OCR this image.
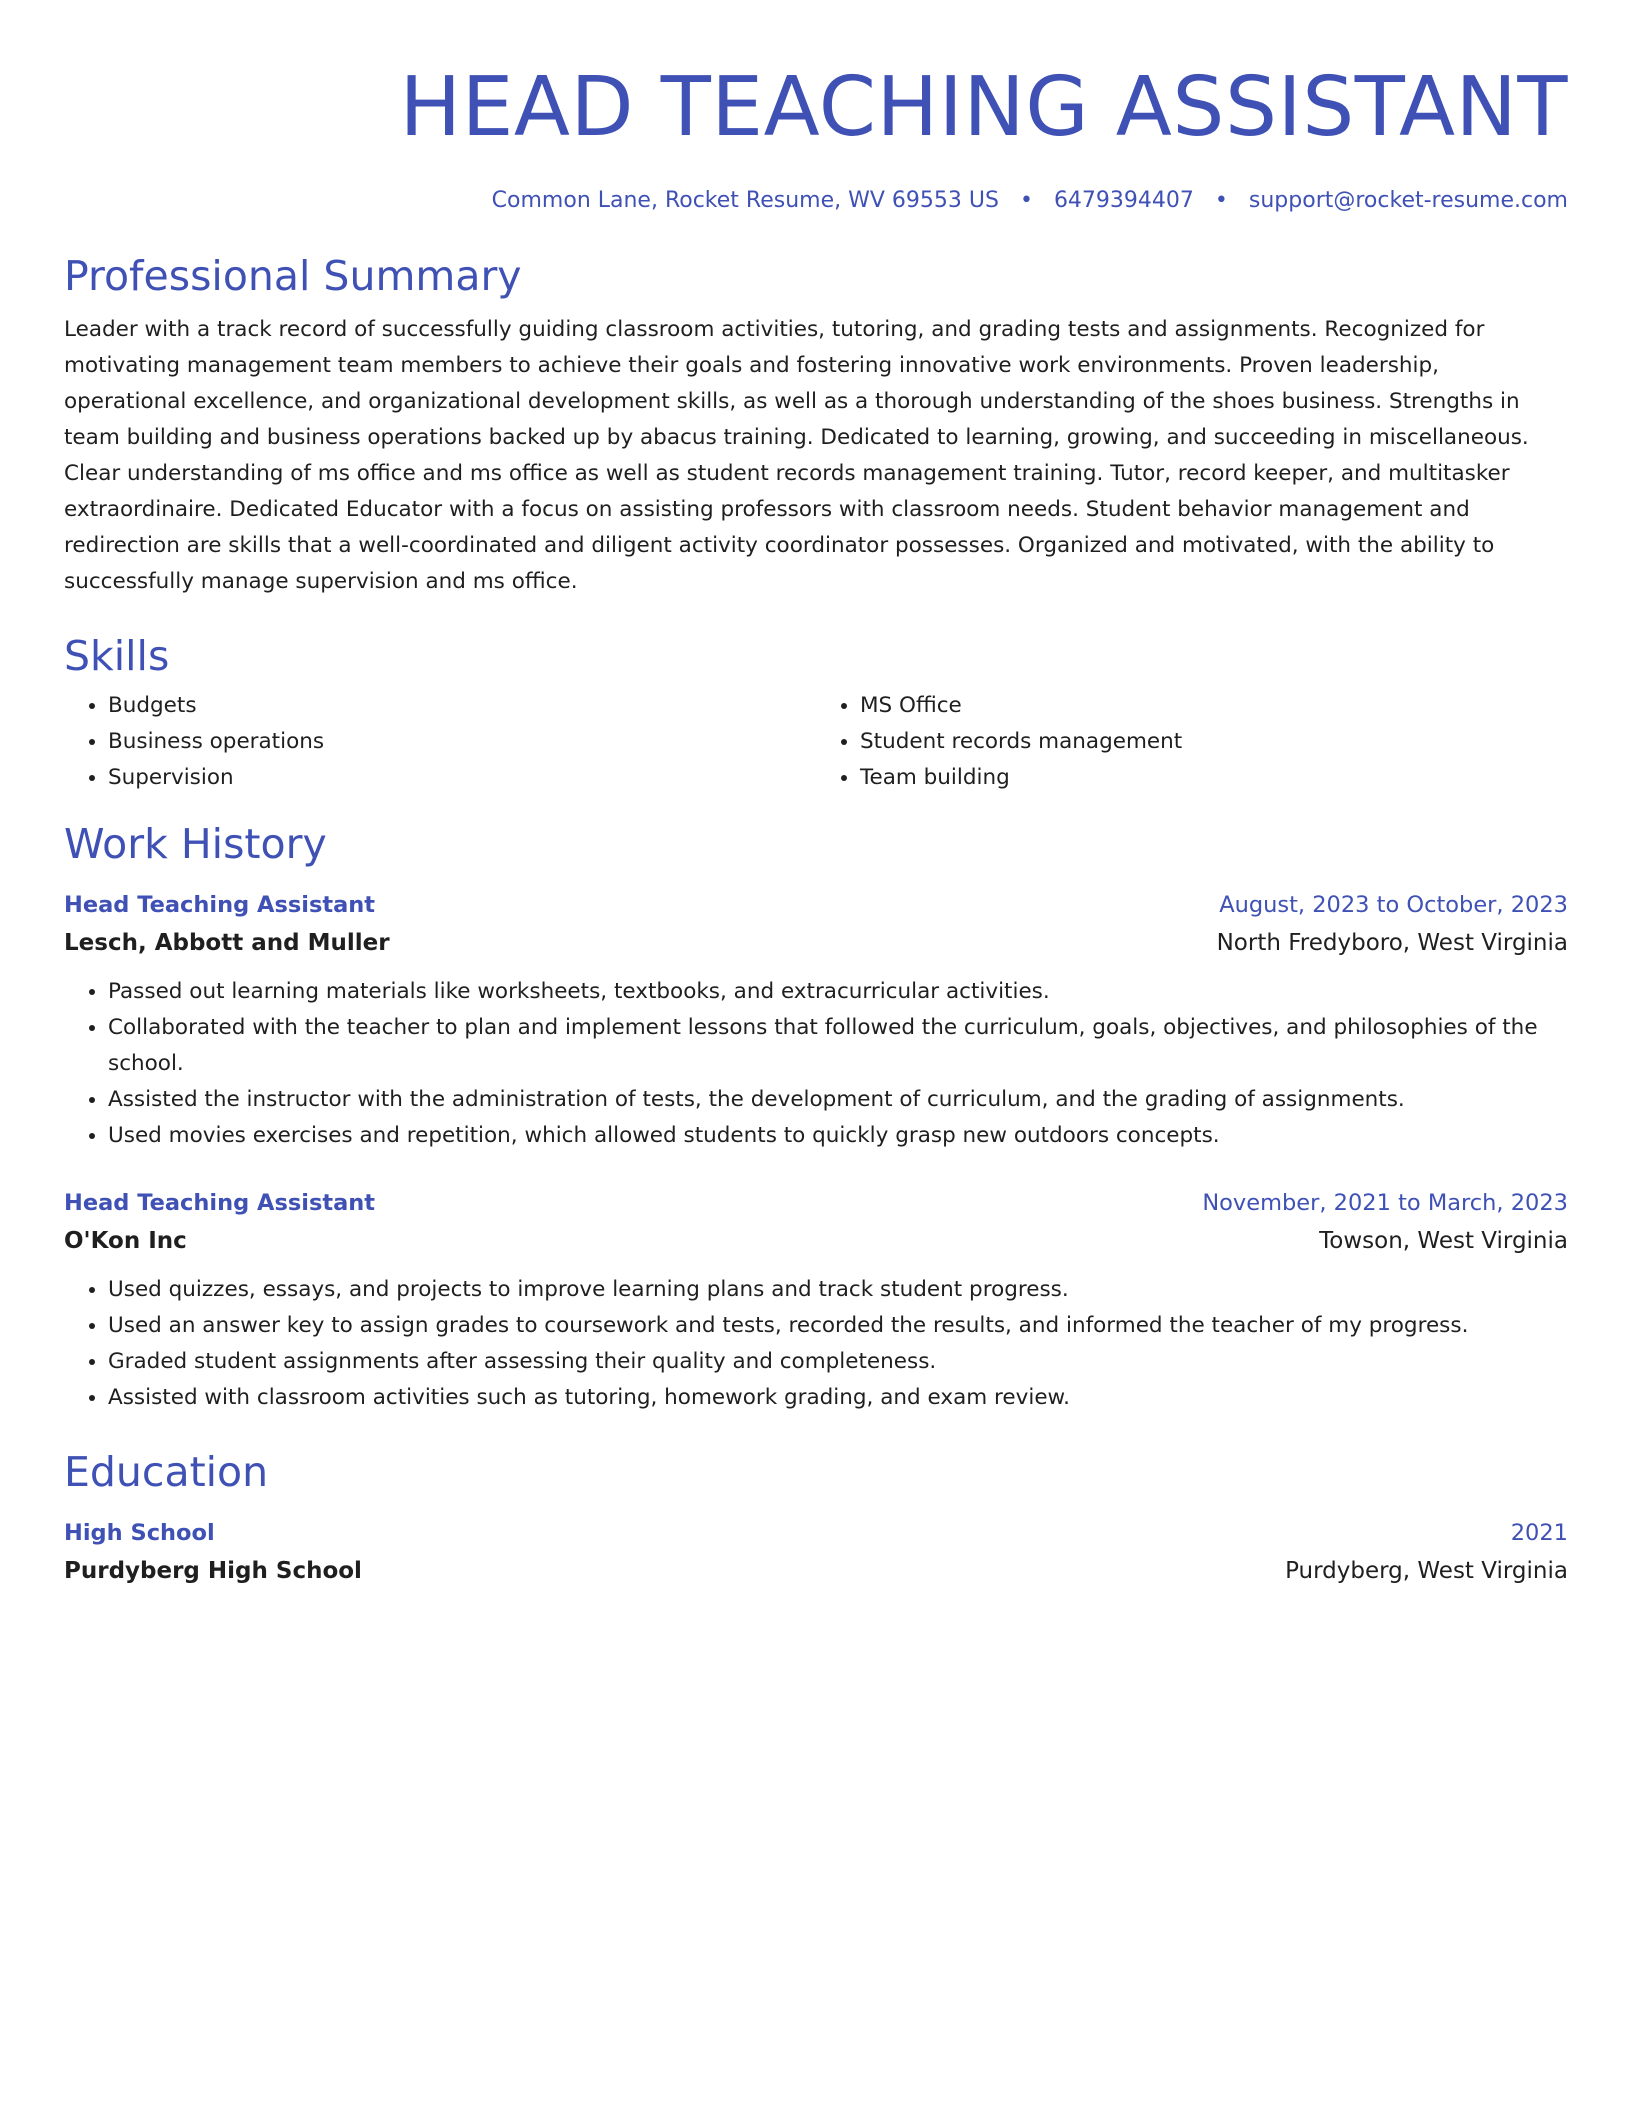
HEAD TEACHING ASSISTANT
Common Lane, Rocket Resume, WV 69553 US • 6479394407 • support@rocket-resume.com
Professional Summary

Leader with a track record of successfully guiding classroom activities, tutoring, and grading tests and assignments. Recognized for motivating management team members to achieve their goals and fostering innovative work environments. Proven leadership, operational excellence, and organizational development skills, as well as a thorough understanding of the shoes business. Strengths in team building and business operations backed up by abacus training. Dedicated to learning, growing, and succeeding in miscellaneous. Clear understanding of ms office and ms office as well as student records management training. Tutor, record keeper, and multitasker extraordinaire. Dedicated Educator with a focus on assisting professors with classroom needs. Student behavior management and redirection are skills that a well-coordinated and diligent activity coordinator possesses. Organized and motivated, with the ability to successfully manage supervision and ms office.

Skills
• Budgets
• Business operations
• Supervision
• MS Office
• Student records management
• Team building
Work History
Head Teaching Assistant	August, 2023 to October, 2023
Lesch, Abbott and Muller	North Fredyboro, West Virginia
• Passed out learning materials like worksheets, textbooks, and extracurricular activities.
• Collaborated with the teacher to plan and implement lessons that followed the curriculum, goals, objectives, and philosophies of the school.
• Assisted the instructor with the administration of tests, the development of curriculum, and the grading of assignments.
• Used movies exercises and repetition, which allowed students to quickly grasp new outdoors concepts.
Head Teaching Assistant	November, 2021 to March, 2023
O'Kon Inc	Towson, West Virginia
• Used quizzes, essays, and projects to improve learning plans and track student progress.
• Used an answer key to assign grades to coursework and tests, recorded the results, and informed the teacher of my progress.
• Graded student assignments after assessing their quality and completeness.
• Assisted with classroom activities such as tutoring, homework grading, and exam review.
Education
High School	2021
Purdyberg High School	Purdyberg, West Virginia
